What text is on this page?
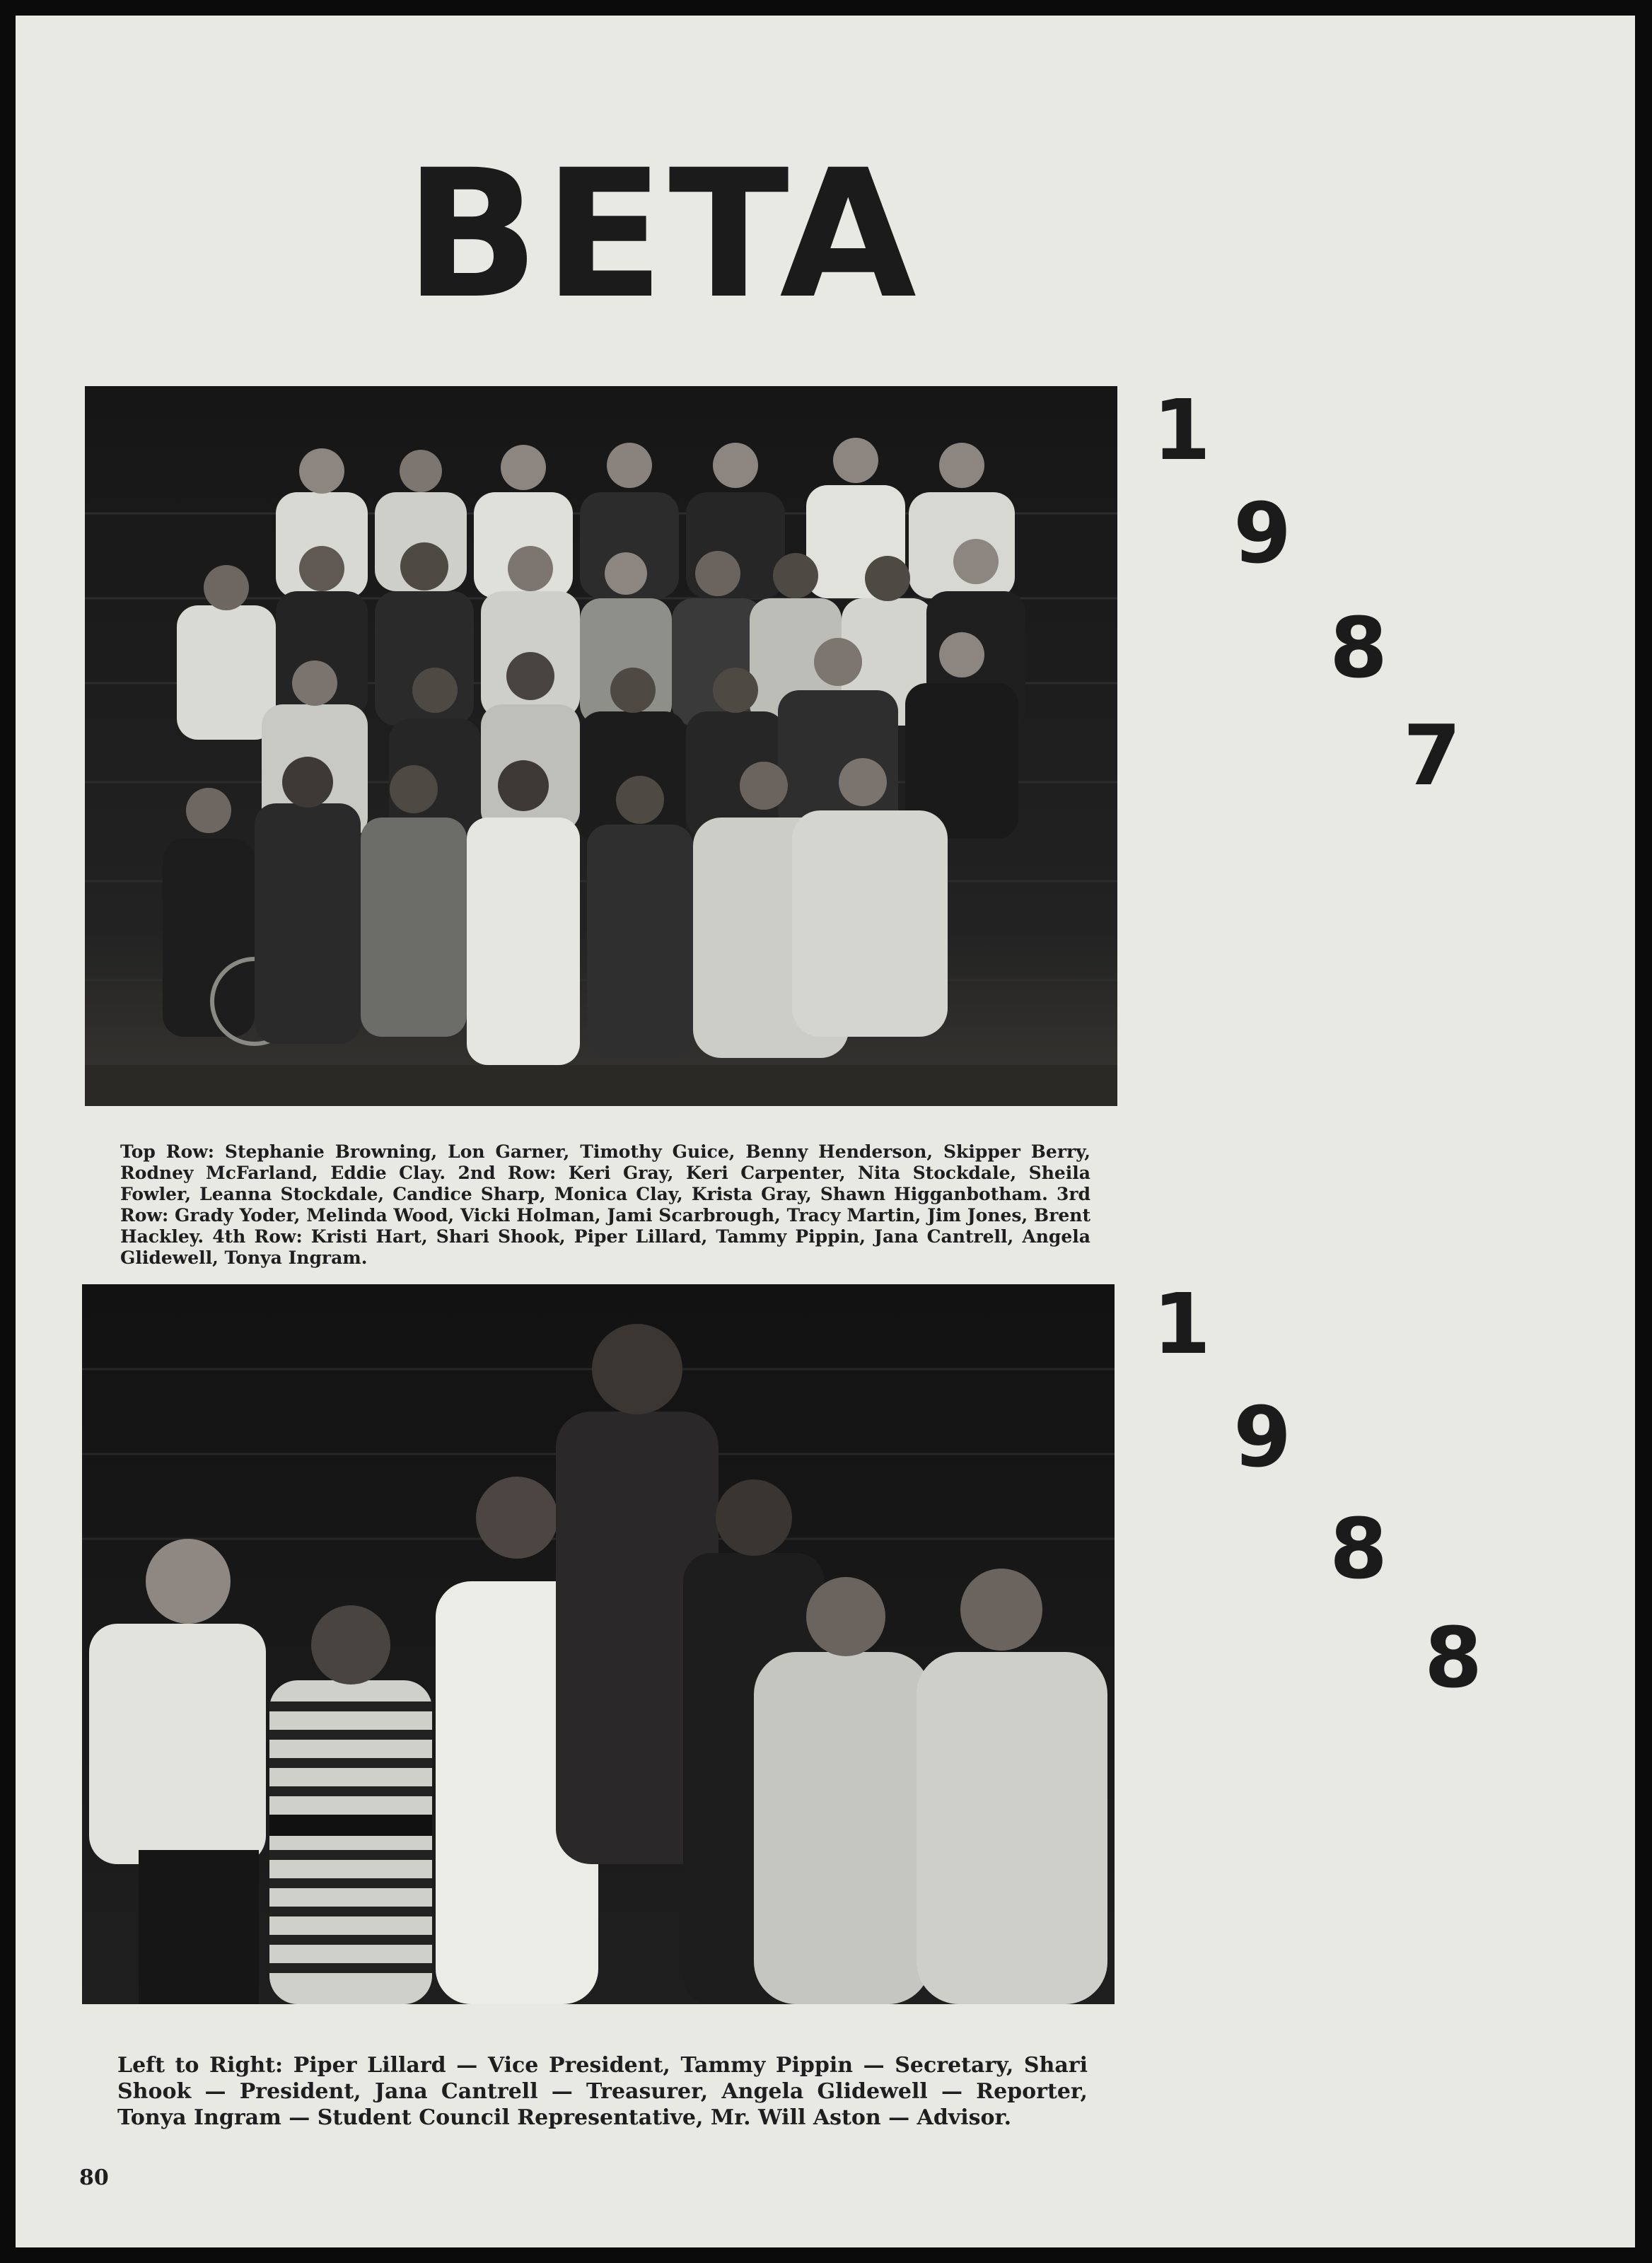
BETA
1
9
8
7

Top Row: Stephanie Browning, Lon Garner, Timothy Guice, Benny Henderson, Skipper Berry, Rodney McFarland, Eddie Clay. 2nd Row: Keri Gray, Keri Carpenter, Nita Stockdale, Sheila Fowler, Leanna Stockdale, Candice Sharp, Monica Clay, Krista Gray, Shawn Higganbotham. 3rd Row: Grady Yoder, Melinda Wood, Vicki Holman, Jami Scarbrough, Tracy Martin, Jim Jones, Brent Hackley. 4th Row: Kristi Hart, Shari Shook, Piper Lillard, Tammy Pippin, Jana Cantrell, Angela Glidewell, Tonya Ingram.

1
9
8
8

Left to Right: Piper Lillard — Vice President, Tammy Pippin — Secretary, Shari Shook — President, Jana Cantrell — Treasurer, Angela Glidewell — Reporter, Tonya Ingram — Student Council Representative, Mr. Will Aston — Advisor.

80
